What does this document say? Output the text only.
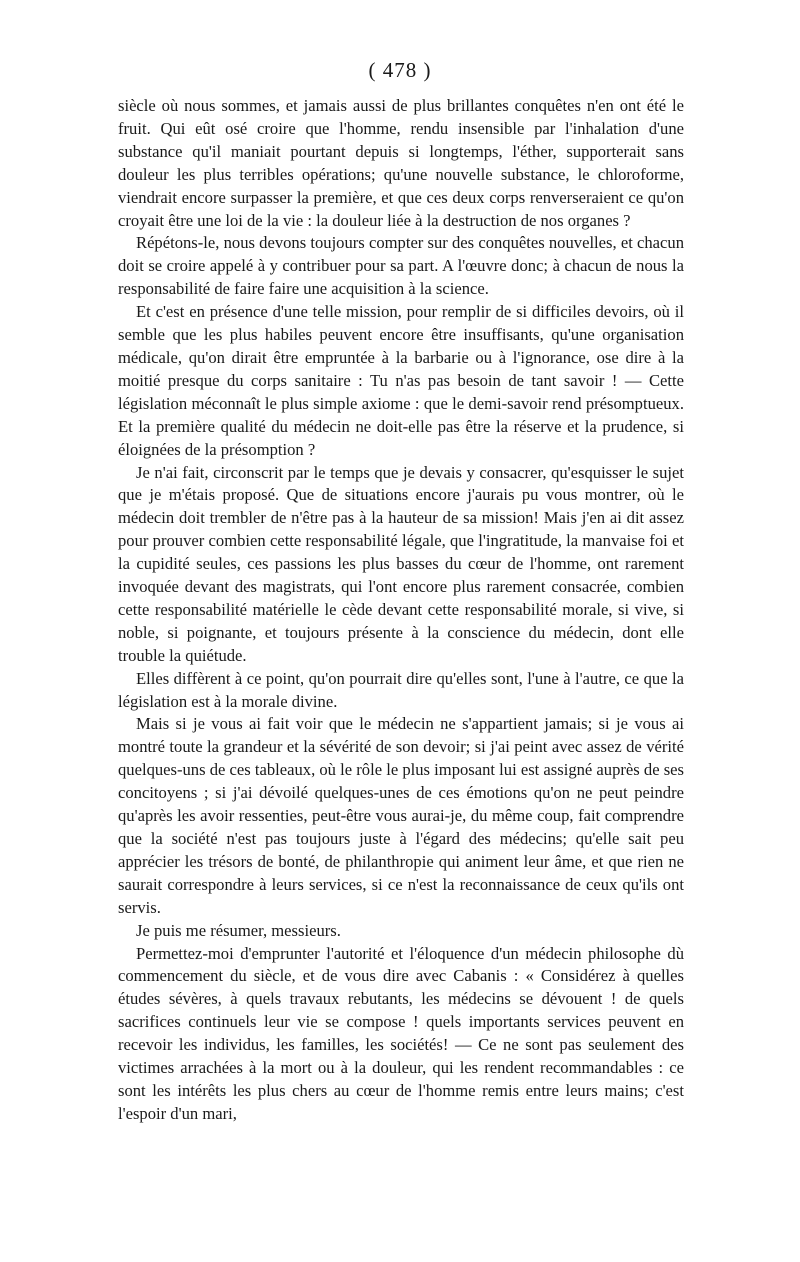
( 478 )

siècle où nous sommes, et jamais aussi de plus brillantes conquêtes n'en ont été le fruit. Qui eût osé croire que l'homme, rendu insensible par l'inhalation d'une substance qu'il maniait pourtant depuis si longtemps, l'éther, supporterait sans douleur les plus terribles opérations; qu'une nouvelle substance, le chloroforme, viendrait encore surpasser la première, et que ces deux corps renverseraient ce qu'on croyait être une loi de la vie : la douleur liée à la destruction de nos organes ?

Répétons-le, nous devons toujours compter sur des conquêtes nouvelles, et chacun doit se croire appelé à y contribuer pour sa part. A l'œuvre donc; à chacun de nous la responsabilité de faire faire une acquisition à la science.

Et c'est en présence d'une telle mission, pour remplir de si difficiles devoirs, où il semble que les plus habiles peuvent encore être insuffisants, qu'une organisation médicale, qu'on dirait être empruntée à la barbarie ou à l'ignorance, ose dire à la moitié presque du corps sanitaire : Tu n'as pas besoin de tant savoir ! — Cette législation méconnaît le plus simple axiome : que le demi-savoir rend présomptueux. Et la première qualité du médecin ne doit-elle pas être la réserve et la prudence, si éloignées de la présomption ?

Je n'ai fait, circonscrit par le temps que je devais y consacrer, qu'esquisser le sujet que je m'étais proposé. Que de situations encore j'aurais pu vous montrer, où le médecin doit trembler de n'être pas à la hauteur de sa mission! Mais j'en ai dit assez pour prouver combien cette responsabilité légale, que l'ingratitude, la manvaise foi et la cupidité seules, ces passions les plus basses du cœur de l'homme, ont rarement invoquée devant des magistrats, qui l'ont encore plus rarement consacrée, combien cette responsabilité matérielle le cède devant cette responsabilité morale, si vive, si noble, si poignante, et toujours présente à la conscience du médecin, dont elle trouble la quiétude.

Elles diffèrent à ce point, qu'on pourrait dire qu'elles sont, l'une à l'autre, ce que la législation est à la morale divine.

Mais si je vous ai fait voir que le médecin ne s'appartient jamais; si je vous ai montré toute la grandeur et la sévérité de son devoir; si j'ai peint avec assez de vérité quelques-uns de ces tableaux, où le rôle le plus imposant lui est assigné auprès de ses concitoyens ; si j'ai dévoilé quelques-unes de ces émotions qu'on ne peut peindre qu'après les avoir ressenties, peut-être vous aurai-je, du même coup, fait comprendre que la société n'est pas toujours juste à l'égard des médecins; qu'elle sait peu apprécier les trésors de bonté, de philanthropie qui animent leur âme, et que rien ne saurait correspondre à leurs services, si ce n'est la reconnaissance de ceux qu'ils ont servis.

Je puis me résumer, messieurs.

Permettez-moi d'emprunter l'autorité et l'éloquence d'un médecin philosophe dù commencement du siècle, et de vous dire avec Cabanis : « Considérez à quelles études sévères, à quels travaux rebutants, les médecins se dévouent ! de quels sacrifices continuels leur vie se compose ! quels importants services peuvent en recevoir les individus, les familles, les sociétés! — Ce ne sont pas seulement des victimes arrachées à la mort ou à la douleur, qui les rendent recommandables : ce sont les intérêts les plus chers au cœur de l'homme remis entre leurs mains; c'est l'espoir d'un mari,
